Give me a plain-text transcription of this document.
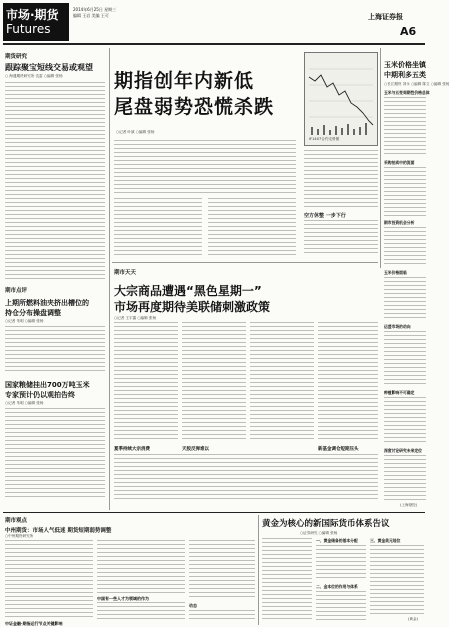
市场·期货
Futures
2014年6月25日 星期三
编辑 王岩 美编 王可	上海证券报
A6
期货研究
跟踪聚宝短线交易或观望
○ 海通期货研究所 沈雷 ○编辑 张杨
期市点评
上期所燃料油夹挤出槽位的
持仓分布操盘调整
○记者 朱明 ○编辑 张杨
国家粮储挂出700万吨玉米
专家预计仍以观拍告终
○记者 朱明 ○编辑 张杨
期指创年内新低
尾盘弱势恐慌杀跌
○记者 叶斌 ○编辑 张杨
IF1407合约走势图
空方休整 一步下行
期市天天
大宗商品遭遇“黑色星期一”
市场再度期待美联储刺激政策
○记者 王宇露 ○编辑 张杨
天胶反弹难以
夏季持续大宗消费	新基金调仓短期压头
玉米价格坐镇
中期利多五类
○长江期货 刘永 ○编辑 陈文 ○编辑 张杨
玉米与五变周期性价格总体
采购拍卖中的流面
期市投资机会分析
玉米价格面临
运盛市场的动向
种植影响不可确定
深度讨论研究未来定位
(上海财经)
期市观点
中州期货：市场人气低迷 期货短期弱势调整
○中州期货研究所
中国有一些人才为领域的作为
中证金融·期指运行节点关键影响
动态
黄金为核心的新国际货币体系告议
○证券研究 ○编辑 张杨
一、黄金储备的基本分配
二、金本位的作用与体系
三、黄金美元地位
(黄金)
